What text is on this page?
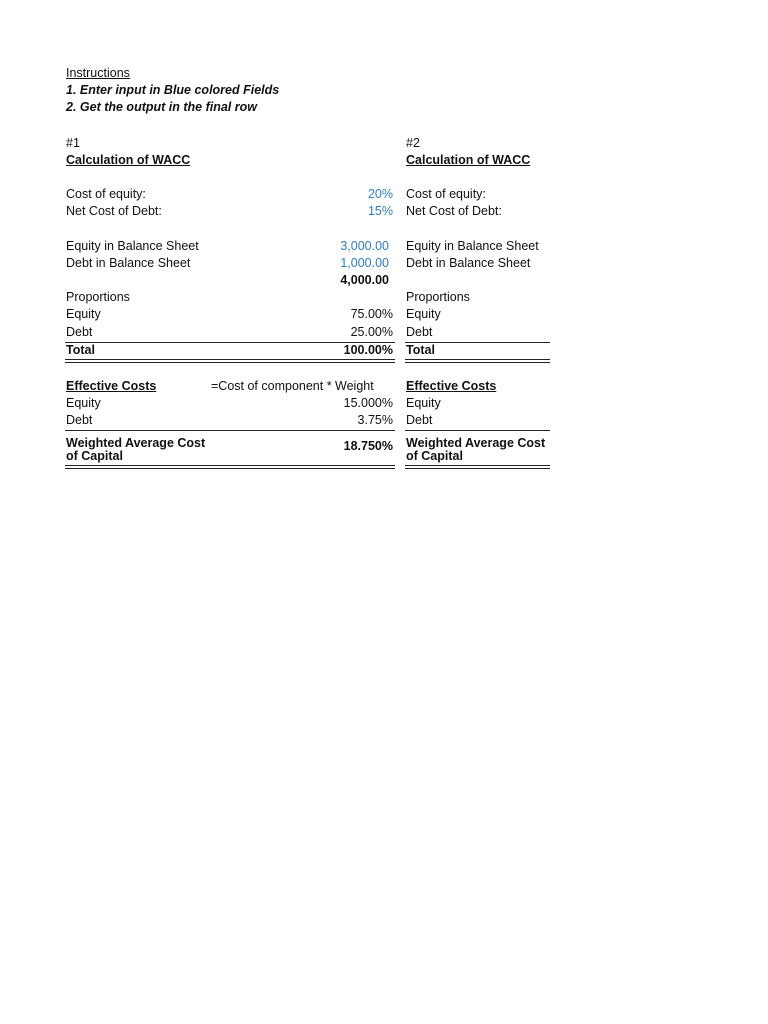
Instructions
1. Enter input in Blue colored Fields
2. Get the output in the final row
#1
Calculation of WACC
Cost of equity:	20%
Net Cost of Debt:	15%
Equity in Balance Sheet	3,000.00
Debt in Balance Sheet	1,000.00
4,000.00
Proportions
Equity	75.00%
Debt	25.00%
Total	100.00%
Effective Costs	=Cost of component * Weight
Equity	15.000%
Debt	3.75%
Weighted Average Cost of Capital
18.750%
#2
Calculation of WACC
Cost of equity:
Net Cost of Debt:
Equity in Balance Sheet
Debt in Balance Sheet
Proportions
Equity
Debt
Total
Effective Costs
Equity
Debt
Weighted Average Cost of Capital
